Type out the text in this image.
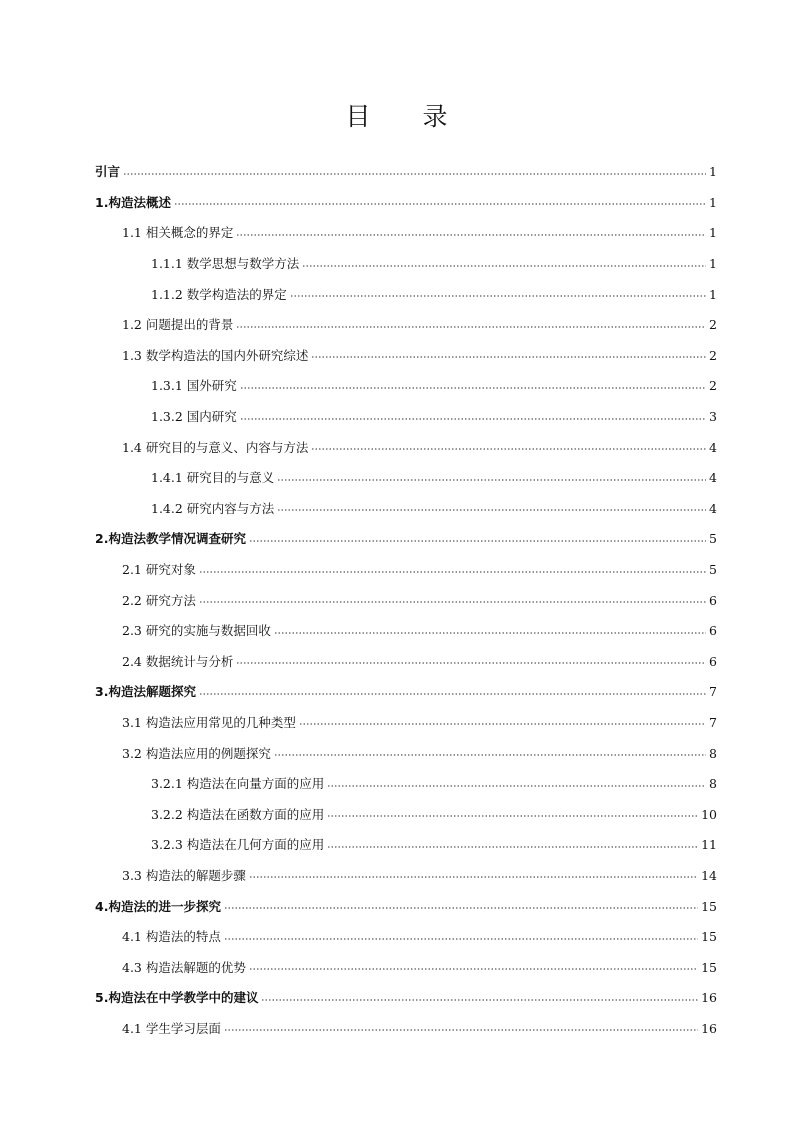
目 录
引言	1
1.构造法概述	1
1.1 相关概念的界定	1
1.1.1 数学思想与数学方法	1
1.1.2 数学构造法的界定	1
1.2 问题提出的背景	2
1.3 数学构造法的国内外研究综述	2
1.3.1 国外研究	2
1.3.2 国内研究	3
1.4 研究目的与意义、内容与方法	4
1.4.1 研究目的与意义	4
1.4.2 研究内容与方法	4
2.构造法教学情况调查研究	5
2.1 研究对象	5
2.2 研究方法	6
2.3 研究的实施与数据回收	6
2.4 数据统计与分析	6
3.构造法解题探究	7
3.1 构造法应用常见的几种类型	7
3.2 构造法应用的例题探究	8
3.2.1 构造法在向量方面的应用	8
3.2.2 构造法在函数方面的应用	10
3.2.3 构造法在几何方面的应用	11
3.3 构造法的解题步骤	14
4.构造法的进一步探究	15
4.1 构造法的特点	15
4.3 构造法解题的优势	15
5.构造法在中学教学中的建议	16
4.1 学生学习层面	16
